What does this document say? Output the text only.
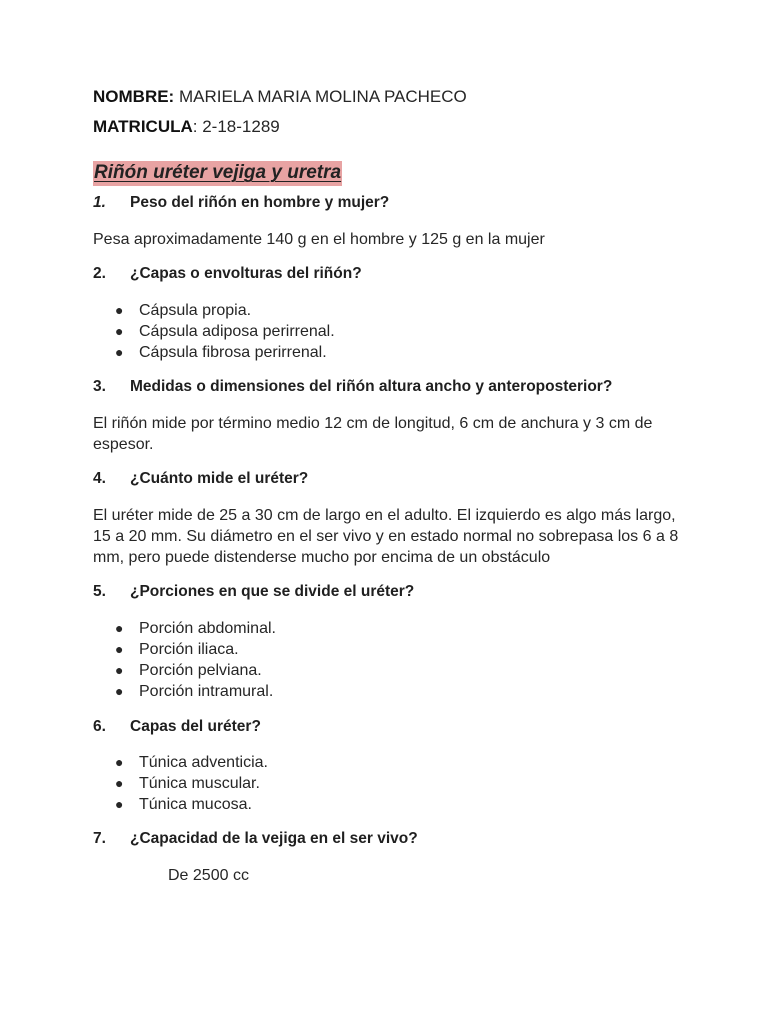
NOMBRE: MARIELA MARIA MOLINA PACHECO
MATRICULA: 2-18-1289
Riñón uréter vejiga y uretra
1. Peso del riñón en hombre y mujer?
Pesa aproximadamente 140 g en el hombre y 125 g en la mujer
2. ¿Capas o envolturas del riñón?
● Cápsula propia.
● Cápsula adiposa perirrenal.
● Cápsula fibrosa perirrenal.
3. Medidas o dimensiones del riñón altura ancho y anteroposterior?
El riñón mide por término medio 12 cm de longitud, 6 cm de anchura y 3 cm de espesor.
4. ¿Cuánto mide el uréter?
El uréter mide de 25 a 30 cm de largo en el adulto. El izquierdo es algo más largo, 15 a 20 mm. Su diámetro en el ser vivo y en estado normal no sobrepasa los 6 a 8 mm, pero puede distenderse mucho por encima de un obstáculo
5. ¿Porciones en que se divide el uréter?
● Porción abdominal.
● Porción iliaca.
● Porción pelviana.
● Porción intramural.
6. Capas del uréter?
● Túnica adventicia.
● Túnica muscular.
● Túnica mucosa.
7. ¿Capacidad de la vejiga en el ser vivo?
De 2500 cc
